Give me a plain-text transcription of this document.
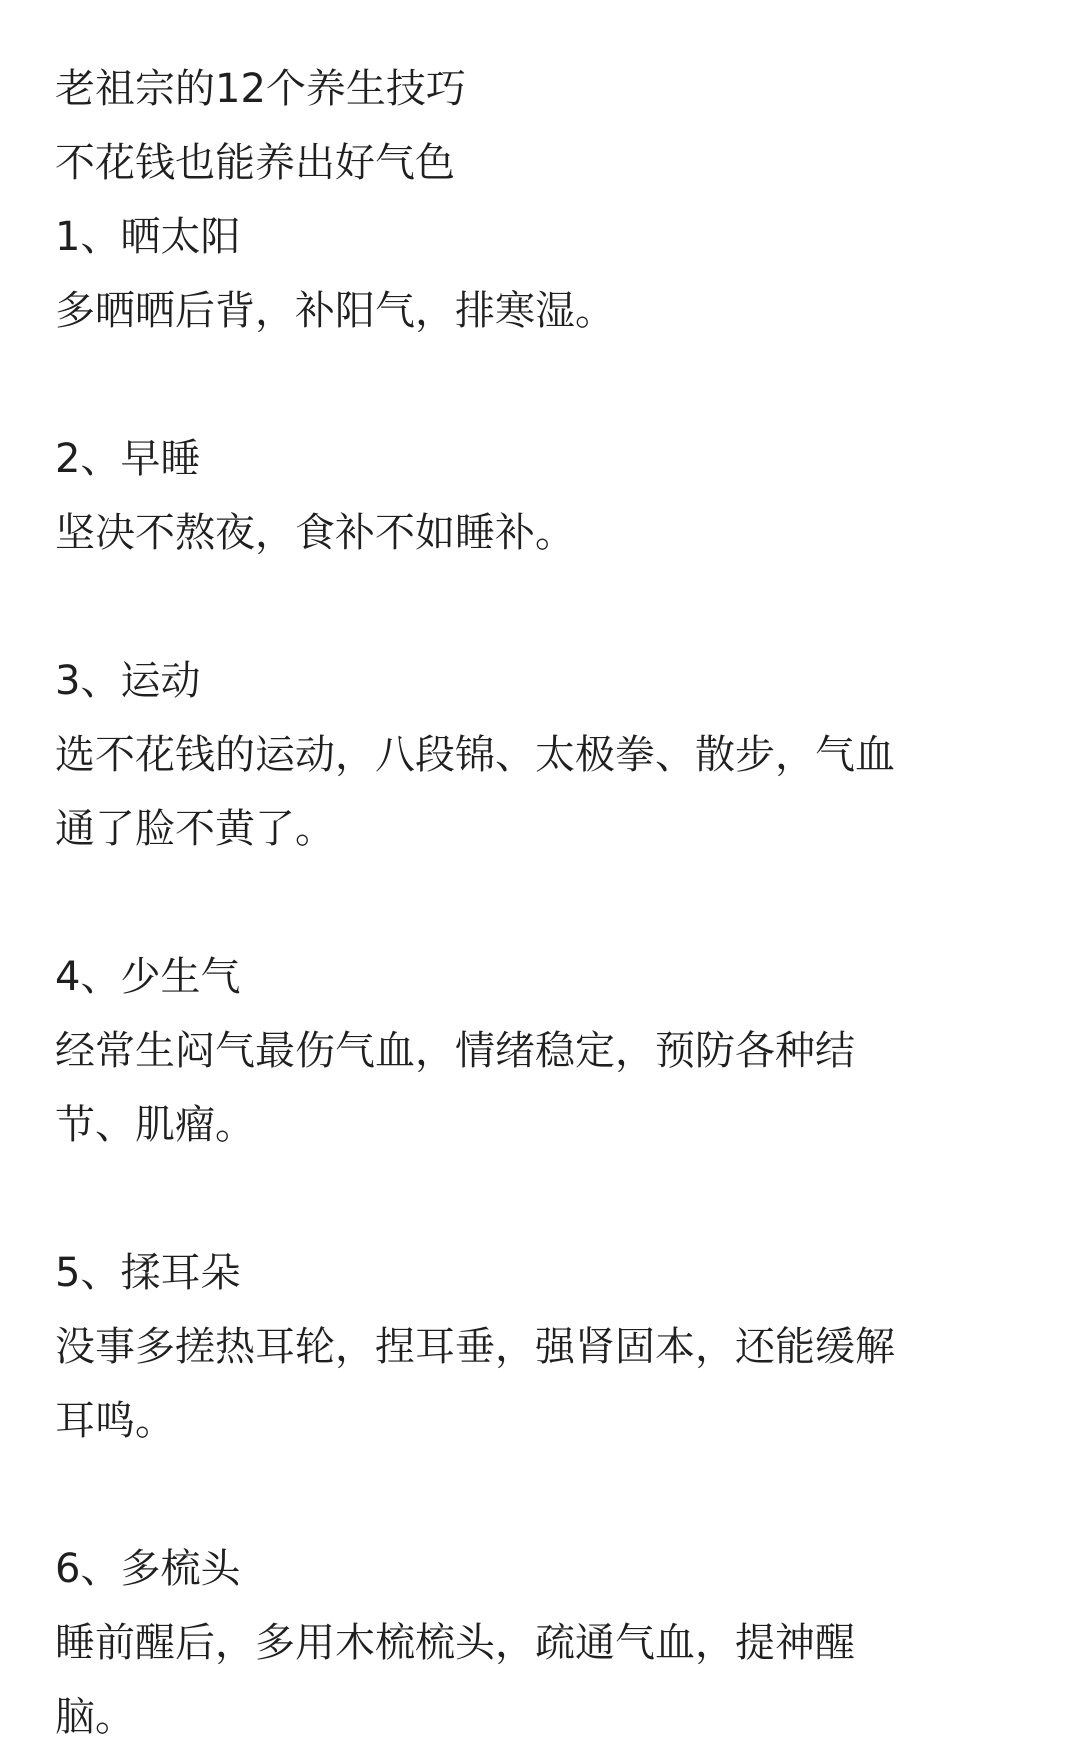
老祖宗的12个养生技巧

不花钱也能养出好气色

1、晒太阳

多晒晒后背，补阳气，排寒湿。

2、早睡

坚决不熬夜，食补不如睡补。

3、运动

选不花钱的运动，八段锦、太极拳、散步，气血

通了脸不黄了。

4、少生气

经常生闷气最伤气血，情绪稳定，预防各种结

节、肌瘤。

5、揉耳朵

没事多搓热耳轮，捏耳垂，强肾固本，还能缓解

耳鸣。

6、多梳头

睡前醒后，多用木梳梳头，疏通气血，提神醒

脑。
